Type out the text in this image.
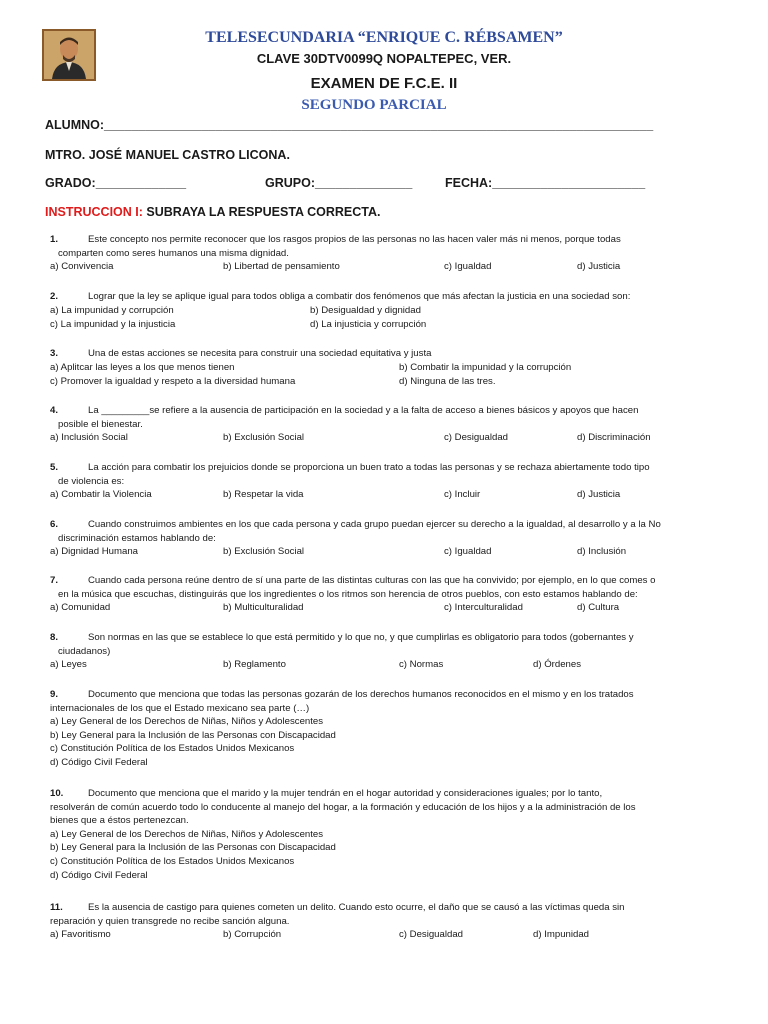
TELESECUNDARIA “ENRIQUE C. RÉBSAMEN”
CLAVE 30DTV0099Q NOPALTEPEC, VER.
EXAMEN DE F.C.E. II
SEGUNDO PARCIAL
ALUMNO:_______________________________________________________________________________
MTRO. JOSÉ MANUEL CASTRO LICONA.
GRADO:_____________	GRUPO:______________	FECHA:______________________
INSTRUCCION I: SUBRAYA LA RESPUESTA CORRECTA.
1.	Este concepto nos permite reconocer que los rasgos propios de las personas no las hacen valer más ni menos, porque todas
comparten como seres humanos una misma dignidad.
a) Convivencia	b) Libertad de pensamiento	c) Igualdad	d) Justicia
2.	Lograr que la ley se aplique igual para todos obliga a combatir dos fenómenos que más afectan la justicia en una sociedad son:
a) La impunidad y corrupción	b) Desigualdad y dignidad
c) La impunidad y la injusticia	d) La injusticia y corrupción
3.	Una de estas acciones se necesita para construir una sociedad equitativa y justa
a) Aplitcar las leyes a los que menos tienen	b) Combatir la impunidad y la corrupción
c) Promover la igualdad y respeto a la diversidad humana	d) Ninguna de las tres.
4.	La _________se refiere a la ausencia de participación en la sociedad y a la falta de acceso a bienes básicos y apoyos que hacen
posible el bienestar.
a) Inclusión Social	b) Exclusión Social	c) Desigualdad	d) Discriminación
5.	La acción para combatir los prejuicios donde se proporciona un buen trato a todas las personas y se rechaza abiertamente todo tipo
de violencia es:
a) Combatir la Violencia	b) Respetar la vida	c) Incluir	d) Justicia
6.	Cuando construimos ambientes en los que cada persona y cada grupo puedan ejercer su derecho a la igualdad, al desarrollo y a la No
discriminación estamos hablando de:
a) Dignidad Humana	b) Exclusión Social	c) Igualdad	d) Inclusión
7.	Cuando cada persona reúne dentro de sí una parte de las distintas culturas con las que ha convivido; por ejemplo, en lo que comes o
en la música que escuchas, distinguirás que los ingredientes o los ritmos son herencia de otros pueblos, con esto estamos hablando de:
a) Comunidad	b) Multiculturalidad	c) Interculturalidad	d) Cultura
8.	Son normas en las que se establece lo que está permitido y lo que no, y que cumplirlas es obligatorio para todos (gobernantes y
ciudadanos)
a) Leyes	b) Reglamento	c) Normas	d) Órdenes
9.	Documento que menciona que todas las personas gozarán de los derechos humanos reconocidos en el mismo y en los tratados
internacionales de los que el Estado mexicano sea parte (…)
a) Ley General de los Derechos de Niñas, Niños y Adolescentes
b) Ley General para la Inclusión de las Personas con Discapacidad
c) Constitución Política de los Estados Unidos Mexicanos
d) Código Civil Federal
10.	Documento que menciona que el marido y la mujer tendrán en el hogar autoridad y consideraciones iguales; por lo tanto,
resolverán de común acuerdo todo lo conducente al manejo del hogar, a la formación y educación de los hijos y a la administración de los
bienes que a éstos pertenezcan.
a) Ley General de los Derechos de Niñas, Niños y Adolescentes
b) Ley General para la Inclusión de las Personas con Discapacidad
c) Constitución Política de los Estados Unidos Mexicanos
d) Código Civil Federal
11.	Es la ausencia de castigo para quienes cometen un delito. Cuando esto ocurre, el daño que se causó a las víctimas queda sin
reparación y quien transgrede no recibe sanción alguna.
a) Favoritismo	b) Corrupción	c) Desigualdad	d) Impunidad
